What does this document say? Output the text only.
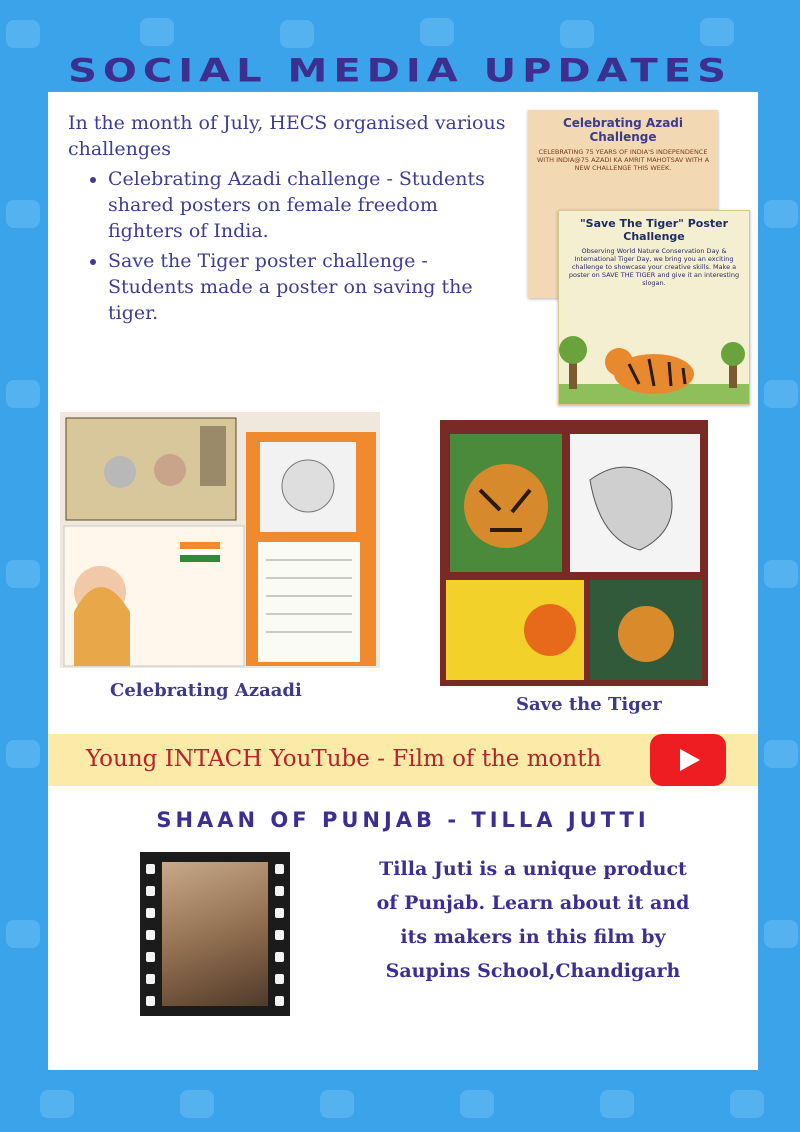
SOCIAL MEDIA UPDATES
In the month of July, HECS organised various challenges
• Celebrating Azadi challenge - Students shared posters on female freedom fighters of India.
• Save the Tiger poster challenge - Students made a poster on saving the tiger.
Celebrating Azadi Challenge

CELEBRATING 75 YEARS OF INDIA'S INDEPENDENCE WITH INDIA@75 AZADI KA AMRIT MAHOTSAV WITH A NEW CHALLENGE THIS WEEK.

"Save The Tiger" Poster Challenge

Observing World Nature Conservation Day & International Tiger Day, we bring you an exciting challenge to showcase your creative skills. Make a poster on SAVE THE TIGER and give it an interesting slogan.

Celebrating Azaadi
Save the Tiger
Young INTACH YouTube - Film of the month
SHAAN OF PUNJAB - TILLA JUTTI
Tilla Juti is a unique product of Punjab. Learn about it and its makers in this film by Saupins School,Chandigarh
